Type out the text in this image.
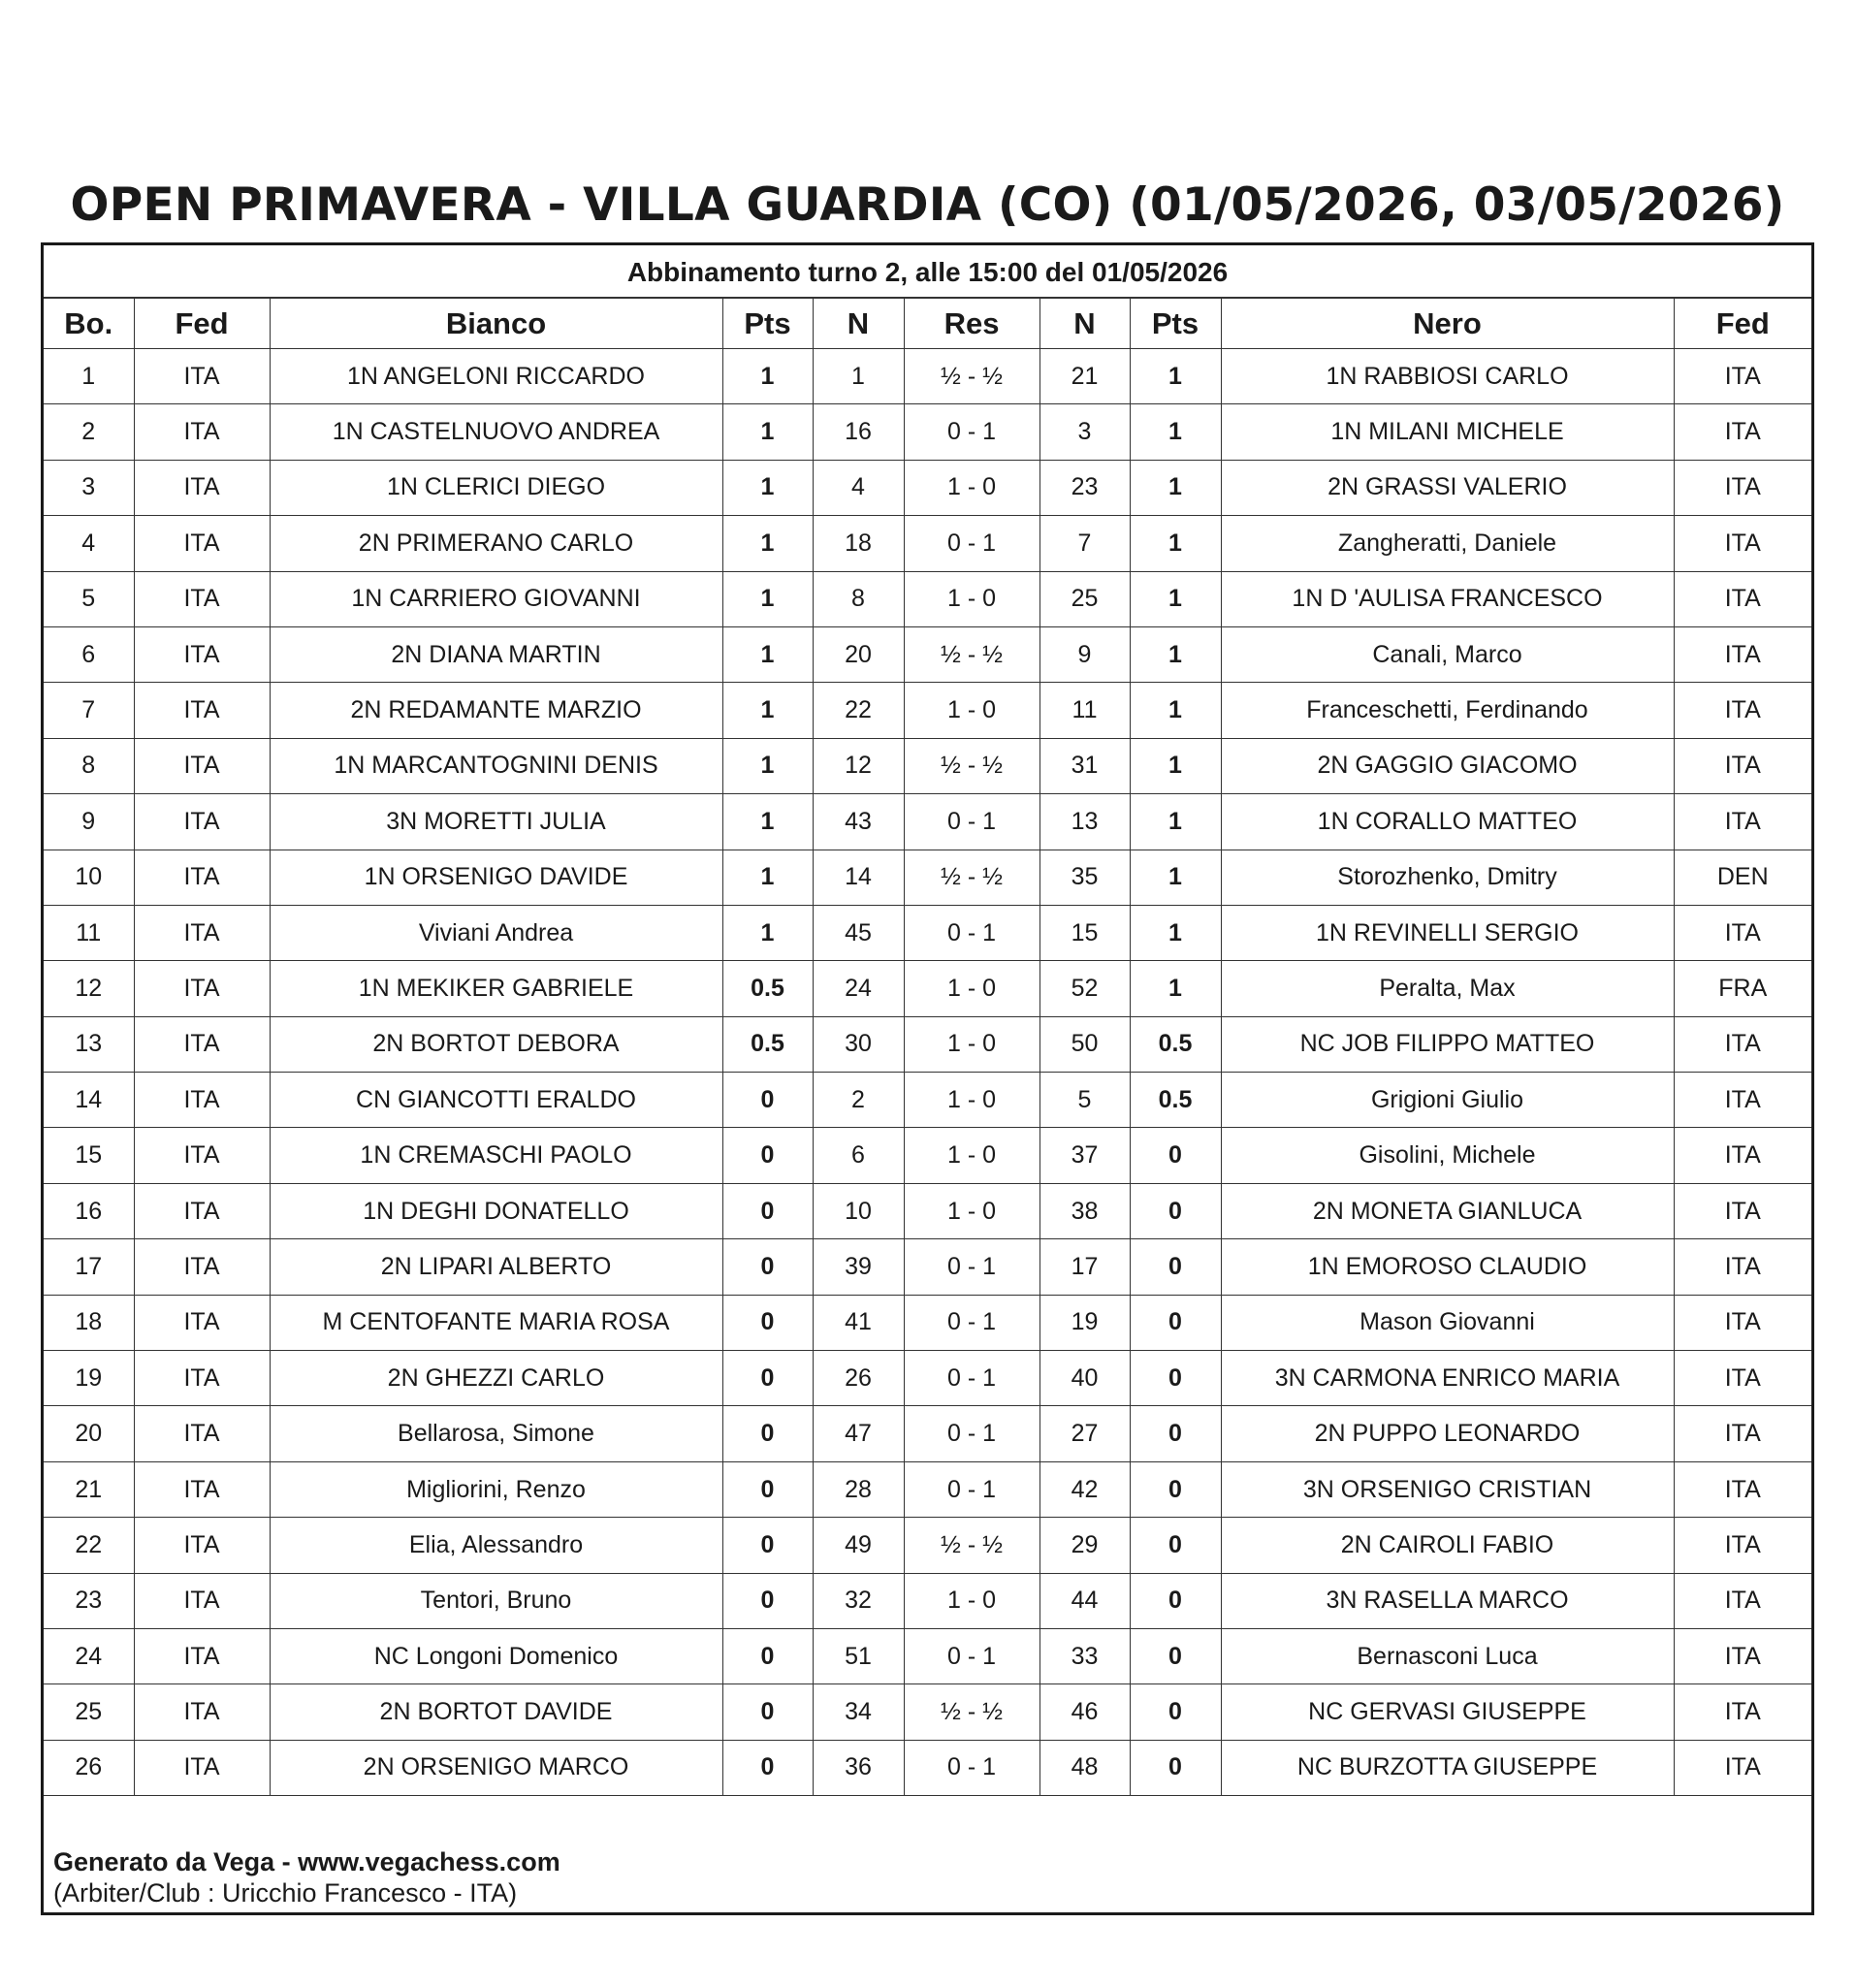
OPEN PRIMAVERA - VILLA GUARDIA (CO) (01/05/2026, 03/05/2026)
Abbinamento turno 2, alle 15:00 del 01/05/2026
Bo.	Fed	Bianco	Pts	N	Res	N	Pts	Nero	Fed
1	ITA	1N ANGELONI RICCARDO	1	1	½ - ½	21	1	1N RABBIOSI CARLO	ITA
2	ITA	1N CASTELNUOVO ANDREA	1	16	0 - 1	3	1	1N MILANI MICHELE	ITA
3	ITA	1N CLERICI DIEGO	1	4	1 - 0	23	1	2N GRASSI VALERIO	ITA
4	ITA	2N PRIMERANO CARLO	1	18	0 - 1	7	1	Zangheratti, Daniele	ITA
5	ITA	1N CARRIERO GIOVANNI	1	8	1 - 0	25	1	1N D 'AULISA FRANCESCO	ITA
6	ITA	2N DIANA MARTIN	1	20	½ - ½	9	1	Canali, Marco	ITA
7	ITA	2N REDAMANTE MARZIO	1	22	1 - 0	11	1	Franceschetti, Ferdinando	ITA
8	ITA	1N MARCANTOGNINI DENIS	1	12	½ - ½	31	1	2N GAGGIO GIACOMO	ITA
9	ITA	3N MORETTI JULIA	1	43	0 - 1	13	1	1N CORALLO MATTEO	ITA
10	ITA	1N ORSENIGO DAVIDE	1	14	½ - ½	35	1	Storozhenko, Dmitry	DEN
11	ITA	Viviani Andrea	1	45	0 - 1	15	1	1N REVINELLI SERGIO	ITA
12	ITA	1N MEKIKER GABRIELE	0.5	24	1 - 0	52	1	Peralta, Max	FRA
13	ITA	2N BORTOT DEBORA	0.5	30	1 - 0	50	0.5	NC JOB FILIPPO MATTEO	ITA
14	ITA	CN GIANCOTTI ERALDO	0	2	1 - 0	5	0.5	Grigioni Giulio	ITA
15	ITA	1N CREMASCHI PAOLO	0	6	1 - 0	37	0	Gisolini, Michele	ITA
16	ITA	1N DEGHI DONATELLO	0	10	1 - 0	38	0	2N MONETA GIANLUCA	ITA
17	ITA	2N LIPARI ALBERTO	0	39	0 - 1	17	0	1N EMOROSO CLAUDIO	ITA
18	ITA	M CENTOFANTE MARIA ROSA	0	41	0 - 1	19	0	Mason Giovanni	ITA
19	ITA	2N GHEZZI CARLO	0	26	0 - 1	40	0	3N CARMONA ENRICO MARIA	ITA
20	ITA	Bellarosa, Simone	0	47	0 - 1	27	0	2N PUPPO LEONARDO	ITA
21	ITA	Migliorini, Renzo	0	28	0 - 1	42	0	3N ORSENIGO CRISTIAN	ITA
22	ITA	Elia, Alessandro	0	49	½ - ½	29	0	2N CAIROLI FABIO	ITA
23	ITA	Tentori, Bruno	0	32	1 - 0	44	0	3N RASELLA MARCO	ITA
24	ITA	NC Longoni Domenico	0	51	0 - 1	33	0	Bernasconi Luca	ITA
25	ITA	2N BORTOT DAVIDE	0	34	½ - ½	46	0	NC GERVASI GIUSEPPE	ITA
26	ITA	2N ORSENIGO MARCO	0	36	0 - 1	48	0	NC BURZOTTA GIUSEPPE	ITA
Generato da Vega - www.vegachess.com
(Arbiter/Club : Uricchio Francesco - ITA)
